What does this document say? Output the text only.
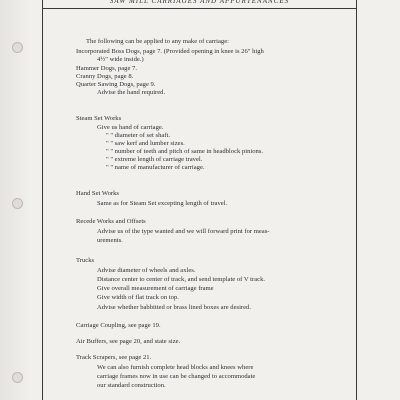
SAW MILL CARRIAGES AND APPURTENANCES
The following can be applied to any make of carriage:
Incorporated Boss Dogs, page 7. (Provided opening in knee is 26" high
4½" wide inside.)
Hammer Dogs, page 7.
Cranny Dogs, page 8.
Quarter Sawing Dogs, page 9.
Advise the hand required.
Steam Set Works
Give us hand of carriage.
" " diameter of set shaft.
" " saw kerf and lumber sizes.
" " number of teeth and pitch of same in headblock pinions.
" " extreme length of carriage travel.
" " name of manufacturer of carriage.
Hand Set Works
Same as for Steam Set excepting length of travel.
Recede Works and Offsets
Advise us of the type wanted and we will forward print for meas-
urements.
Trucks
Advise diameter of wheels and axles.
Distance center to center of track, and send template of V track.
Give overall measurement of carriage frame
Give width of flat track on top.
Advise whether babbitted or brass lined boxes are desired.
Carriage Coupling, see page 19.
Air Buffers, see page 20, and state size.
Track Scrapers, see page 21.
We can also furnish complete head blocks and knees where
carriage frames now in use can be changed to accommodate
our standard construction.
